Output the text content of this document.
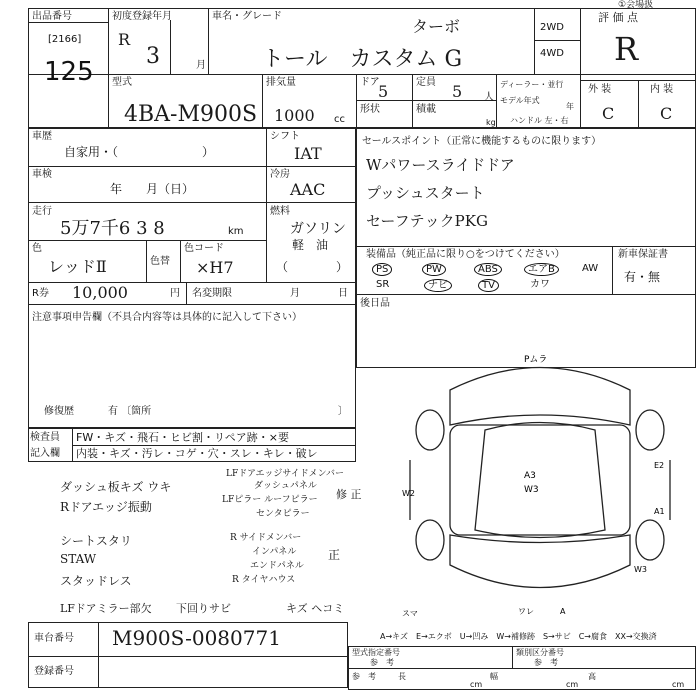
①会場扱
出品番号
[2166]
125
初度登録年月
R
3	月
車名・グレード
ターボ
トール　カスタム G
2WD
4WD
評 価 点
R
型式
4BA-M900S
排気量
1000 cc
ドア
5	定員 5 人
形状	積載
kg
ディーラー・並行
モデル年式
年
ハンドル 左・右
外 装	内 装
C	C
車歴
自家用・（　　　　　　　）
シフト
IAT
車検
年　　月（日）
冷房
AAC
走行
5万7千6 3 8	km
燃料
ガソリン
軽　油
（　　　　）
色
レッドⅡ	色替
色コード
×H7
R券 10,000	円 名変期限	月	日
注意事項申告欄（不具合内容等は具体的に記入して下さい）
修復歴	有 〔箇所	〕
セールスポイント（正常に機能するものに限ります）
Wパワースライドドア
プッシュスタート
セーフテックPKG
装備品（純正品に限り○をつけてください）	新車保証書
有・無
PS	PW	ABS	エアB	AW
SR	ナビ	TV	カワ
後日品
検査員
記入欄
FW・キズ・飛石・ヒビ割・リペア跡・×要
内装・キズ・汚レ・コゲ・穴・スレ・キレ・破レ
ダッシュ板キズ ウキ
Rドアエッジ振動
シートスタリ
STAW
スタッドレス
LFドアミラー部欠 下回りサビ	キズ ヘコミ
LFドアエッジサイドメンバー
ダッシュパネル
LFピラー ルーフピラー
センタピラー
修 正
R サイドメンバー
インパネル
エンドパネル
R タイヤハウス
正
Pムラ
A3
W3
W2
E2
A1
W3
スマ	ワレ	A
A→キズ　E→エクボ　U→凹み　W→補修跡　S→サビ　C→腐食　XX→交換済
車台番号 M900S-0080771
登録番号
型式指定番号
参　考
類別区分番号
参　考
参　考	長
cm
幅
cm
高
cm
